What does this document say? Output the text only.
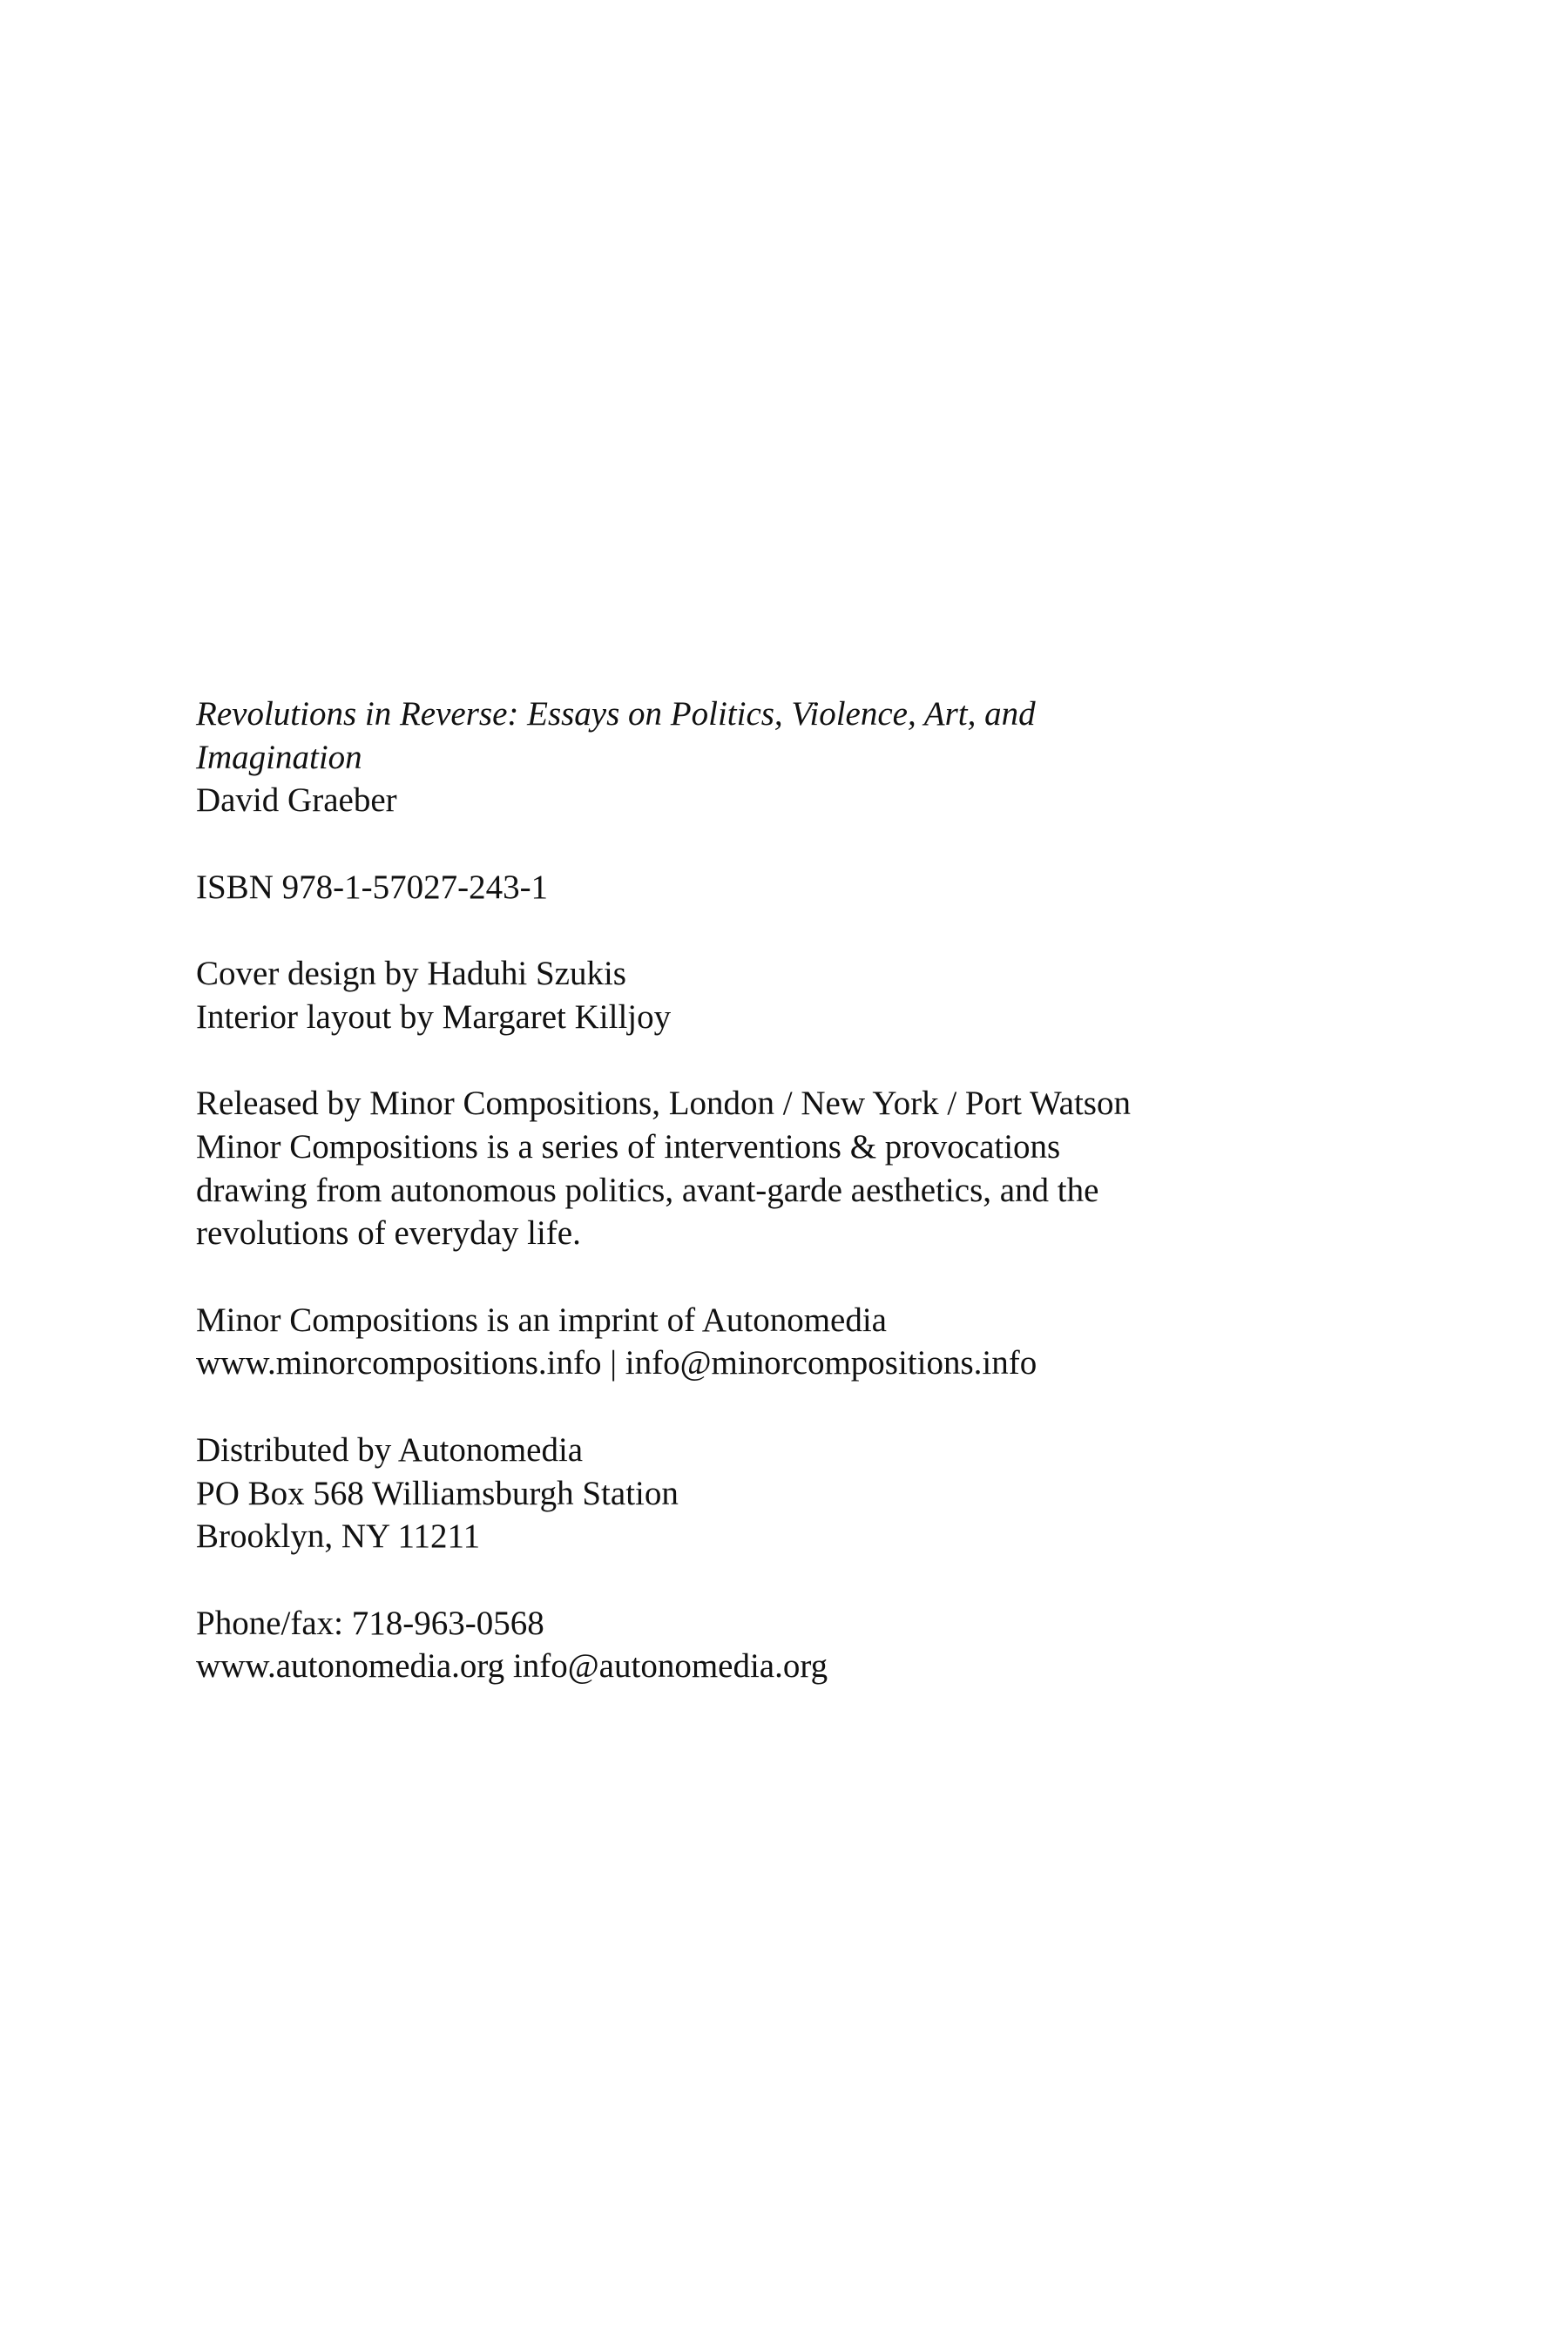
Revolutions in Reverse: Essays on Politics, Violence, Art, and
Imagination
David Graeber
ISBN 978-1-57027-243-1
Cover design by Haduhi Szukis
Interior layout by Margaret Killjoy
Released by Minor Compositions, London / New York / Port Watson
Minor Compositions is a series of interventions & provocations
drawing from autonomous politics, avant-garde aesthetics, and the
revolutions of everyday life.
Minor Compositions is an imprint of Autonomedia
www.minorcompositions.info | info@minorcompositions.info
Distributed by Autonomedia
PO Box 568 Williamsburgh Station
Brooklyn, NY 11211
Phone/fax: 718-963-0568
www.autonomedia.org info@autonomedia.org
